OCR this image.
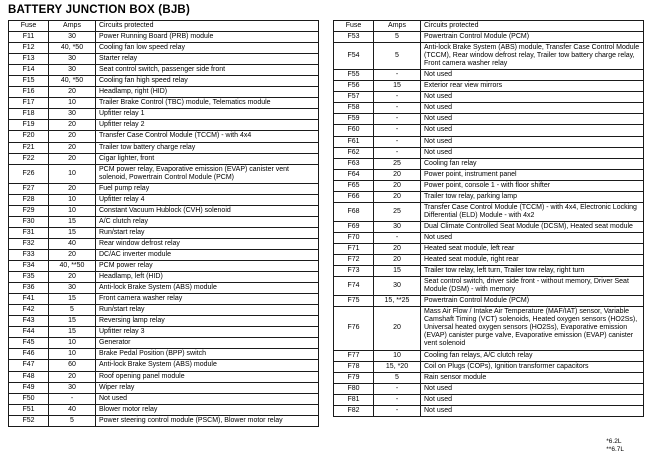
BATTERY JUNCTION BOX (BJB)
Fuse	Amps	Circuits protected
F11	30	Power Running Board (PRB) module
F12	40, *50	Cooling fan low speed relay
F13	30	Starter relay
F14	30	Seat control switch, passenger side front
F15	40, *50	Cooling fan high speed relay
F16	20	Headlamp, right (HID)
F17	10	Trailer Brake Control (TBC) module, Telematics module
F18	30	Upfitter relay 1
F19	20	Upfitter relay 2
F20	20	Transfer Case Control Module (TCCM) - with 4x4
F21	20	Trailer tow battery charge relay
F22	20	Cigar lighter, front
F26	10	PCM power relay, Evaporative emission (EVAP) canister vent solenoid, Powertrain Control Module (PCM)
F27	20	Fuel pump relay
F28	10	Upfitter relay 4
F29	10	Constant Vacuum Hublock (CVH) solenoid
F30	15	A/C clutch relay
F31	15	Run/start relay
F32	40	Rear window defrost relay
F33	20	DC/AC inverter module
F34	40, **50	PCM power relay
F35	20	Headlamp, left (HID)
F36	30	Anti-lock Brake System (ABS) module
F41	15	Front camera washer relay
F42	5	Run/start relay
F43	15	Reversing lamp relay
F44	15	Upfitter relay 3
F45	10	Generator
F46	10	Brake Pedal Position (BPP) switch
F47	60	Anti-lock Brake System (ABS) module
F48	20	Roof opening panel module
F49	30	Wiper relay
F50	-	Not used
F51	40	Blower motor relay
F52	5	Power steering control module (PSCM), Blower motor relay
Fuse	Amps	Circuits protected
F53	5	Powertrain Control Module (PCM)
F54	5	Anti-lock Brake System (ABS) module, Transfer Case Control Module (TCCM), Rear window defrost relay, Trailer tow battery charge relay, Front camera washer relay
F55	-	Not used
F56	15	Exterior rear view mirrors
F57	-	Not used
F58	-	Not used
F59	-	Not used
F60	-	Not used
F61	-	Not used
F62	-	Not used
F63	25	Cooling fan relay
F64	20	Power point, instrument panel
F65	20	Power point, console 1 - with floor shifter
F66	20	Trailer tow relay, parking lamp
F68	25	Transfer Case Control Module (TCCM) - with 4x4, Electronic Locking Differential (ELD) Module - with 4x2
F69	30	Dual Climate Controlled Seat Module (DCSM), Heated seat module
F70	-	Not used
F71	20	Heated seat module, left rear
F72	20	Heated seat module, right rear
F73	15	Trailer tow relay, left turn, Trailer tow relay, right turn
F74	30	Seat control switch, driver side front - without memory, Driver Seat Module (DSM) - with memory
F75	15, **25	Powertrain Control Module (PCM)
F76	20	Mass Air Flow / Intake Air Temperature (MAF/IAT) sensor, Variable Camshaft Timing (VCT) solenoids, Heated oxygen sensors (HO2Ss), Universal heated oxygen sensors (HO2Ss), Evaporative emission (EVAP) canister purge valve, Evaporative emission (EVAP) canister vent solenoid
F77	10	Cooling fan relays, A/C clutch relay
F78	15, *20	Coil on Plugs (COPs), Ignition transformer capacitors
F79	5	Rain sensor module
F80	-	Not used
F81	-	Not used
F82	-	Not used
*6.2L
**6.7L
